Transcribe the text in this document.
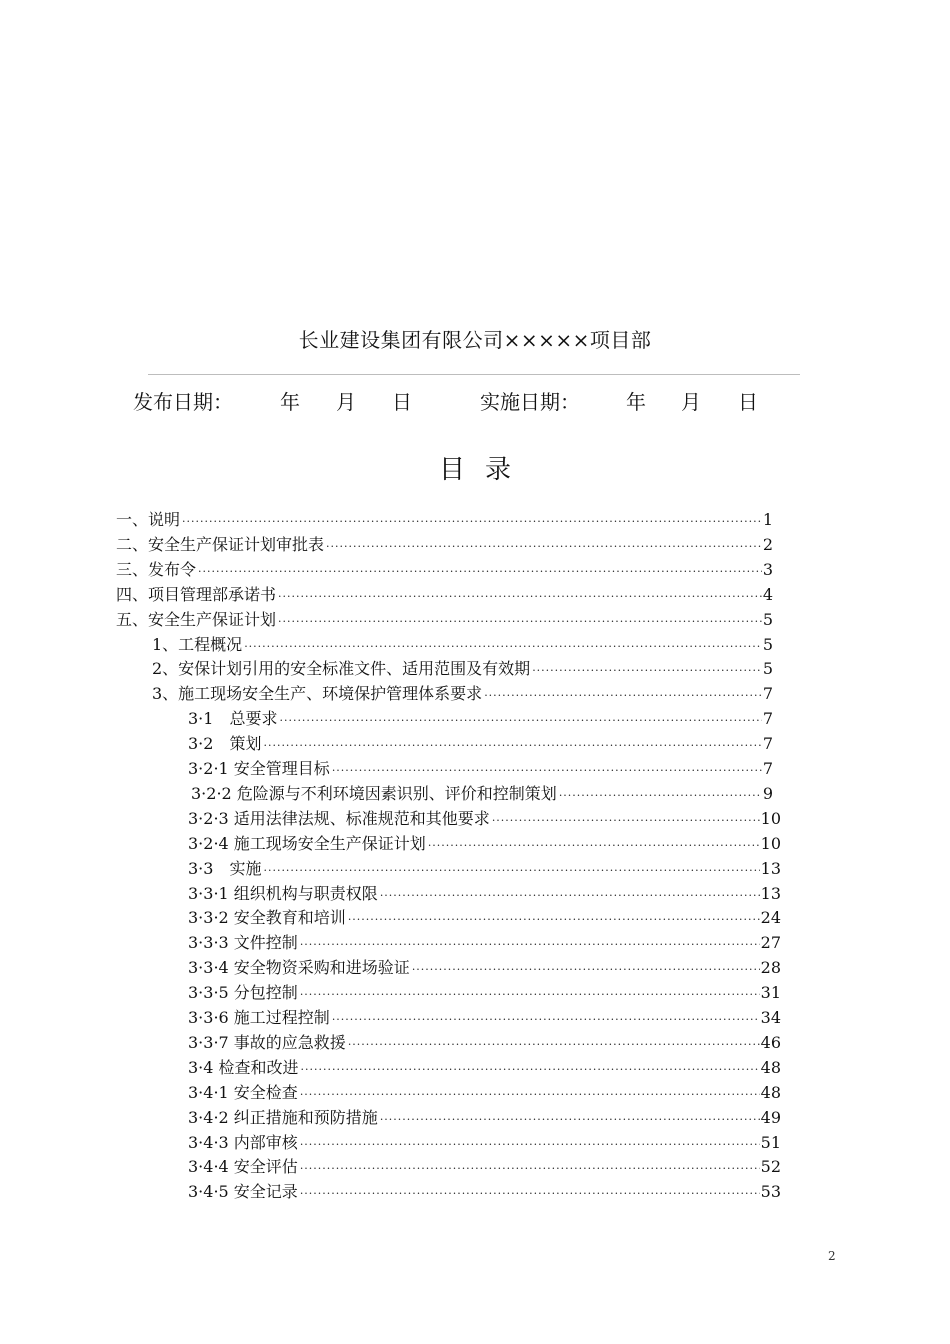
长业建设集团有限公司×××××项目部
发布日期： 年 月 日	实施日期： 年 月 日
目录
一、说明 ·····	1
二、安全生产保证计划审批表 ·····	2
三、发布令 ·····	3
四、项目管理部承诺书 ·····	4
五、安全生产保证计划 ·····	5
1、工程概况 ·····	5
2、安保计划引用的安全标准文件、适用范围及有效期 ·····	5
3、施工现场安全生产、环境保护管理体系要求 ·····	7
3·1　总要求 ·····	7
3·2　策划 ·····	7
3·2·1 安全管理目标 ·····	7
3·2·2 危险源与不利环境因素识别、评价和控制策划 ·····	9
3·2·3 适用法律法规、标准规范和其他要求 ·····	10
3·2·4 施工现场安全生产保证计划 ·····	10
3·3　实施 ·····	13
3·3·1 组织机构与职责权限 ·····	13
3·3·2 安全教育和培训 ·····	24
3·3·3 文件控制 ·····	27
3·3·4 安全物资采购和进场验证 ·····	28
3·3·5 分包控制 ·····	31
3·3·6 施工过程控制 ·····	34
3·3·7 事故的应急救援 ·····	46
3·4 检查和改进 ·····	48
3·4·1 安全检查 ·····	48
3·4·2 纠正措施和预防措施 ·····	49
3·4·3 内部审核 ·····	51
3·4·4 安全评估 ·····	52
3·4·5 安全记录 ·····	53
2
